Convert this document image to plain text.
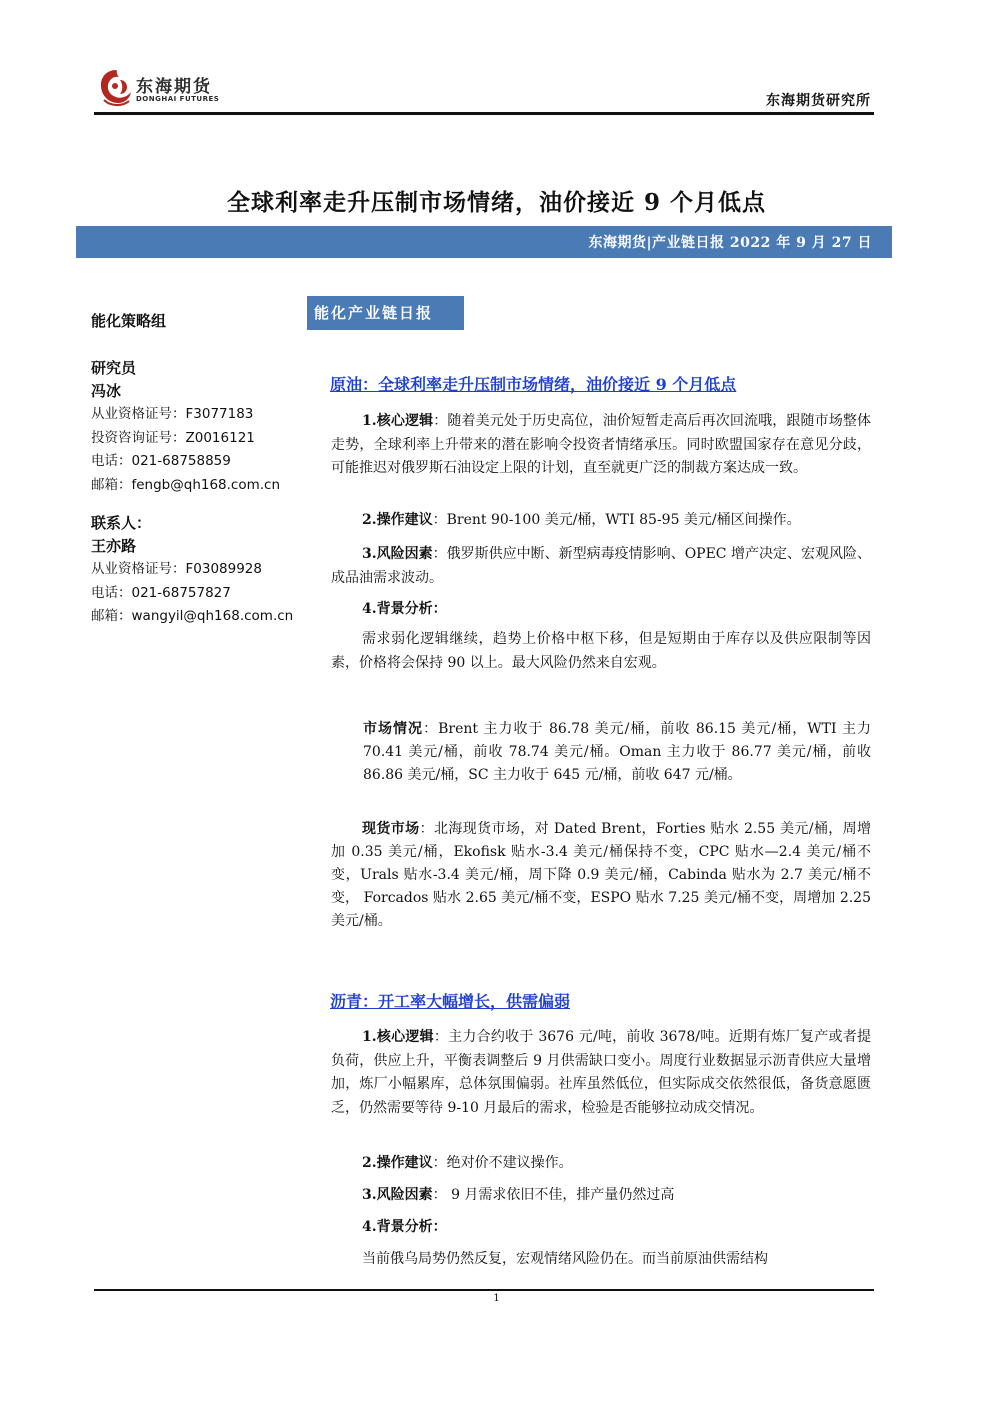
东海期货
DONGHAI FUTURES	东海期货研究所
全球利率走升压制市场情绪，油价接近 9 个月低点
东海期货|产业链日报 2022 年 9 月 27 日
能化策略组
研究员
冯冰
从业资格证号：F3077183
投资咨询证号：Z0016121
电话：021-68758859
邮箱：fengb@qh168.com.cn
联系人：
王亦路
从业资格证号：F03089928
电话：021-68757827
邮箱：wangyil@qh168.com.cn
能化产业链日报
原油：全球利率走升压制市场情绪，油价接近 9 个月低点
1.核心逻辑：随着美元处于历史高位，油价短暂走高后再次回流哦，跟随市场整体走势，全球利率上升带来的潜在影响令投资者情绪承压。同时欧盟国家存在意见分歧，可能推迟对俄罗斯石油设定上限的计划，直至就更广泛的制裁方案达成一致。
2.操作建议：Brent 90-100 美元/桶，WTI 85-95 美元/桶区间操作。
3.风险因素：俄罗斯供应中断、新型病毒疫情影响、OPEC 增产决定、宏观风险、成品油需求波动。
4.背景分析：
需求弱化逻辑继续，趋势上价格中枢下移，但是短期由于库存以及供应限制等因素，价格将会保持 90 以上。最大风险仍然来自宏观。
市场情况：Brent 主力收于 86.78 美元/桶，前收 86.15 美元/桶，WTI 主力 70.41 美元/桶，前收 78.74 美元/桶。Oman 主力收于 86.77 美元/桶，前收 86.86 美元/桶，SC 主力收于 645 元/桶，前收 647 元/桶。
现货市场：北海现货市场，对 Dated Brent，Forties 贴水 2.55 美元/桶，周增加 0.35 美元/桶，Ekofisk 贴水-3.4 美元/桶保持不变，CPC 贴水—2.4 美元/桶不变，Urals 贴水-3.4 美元/桶，周下降 0.9 美元/桶，Cabinda 贴水为 2.7 美元/桶不变， Forcados 贴水 2.65 美元/桶不变，ESPO 贴水 7.25 美元/桶不变，周增加 2.25 美元/桶。
沥青：开工率大幅增长，供需偏弱
1.核心逻辑：主力合约收于 3676 元/吨，前收 3678/吨。近期有炼厂复产或者提负荷，供应上升，平衡表调整后 9 月供需缺口变小。周度行业数据显示沥青供应大量增加，炼厂小幅累库，总体氛围偏弱。社库虽然低位，但实际成交依然很低，备货意愿匮乏，仍然需要等待 9-10 月最后的需求，检验是否能够拉动成交情况。
2.操作建议：绝对价不建议操作。
3.风险因素： 9 月需求依旧不佳，排产量仍然过高
4.背景分析：
当前俄乌局势仍然反复，宏观情绪风险仍在。而当前原油供需结构
1
